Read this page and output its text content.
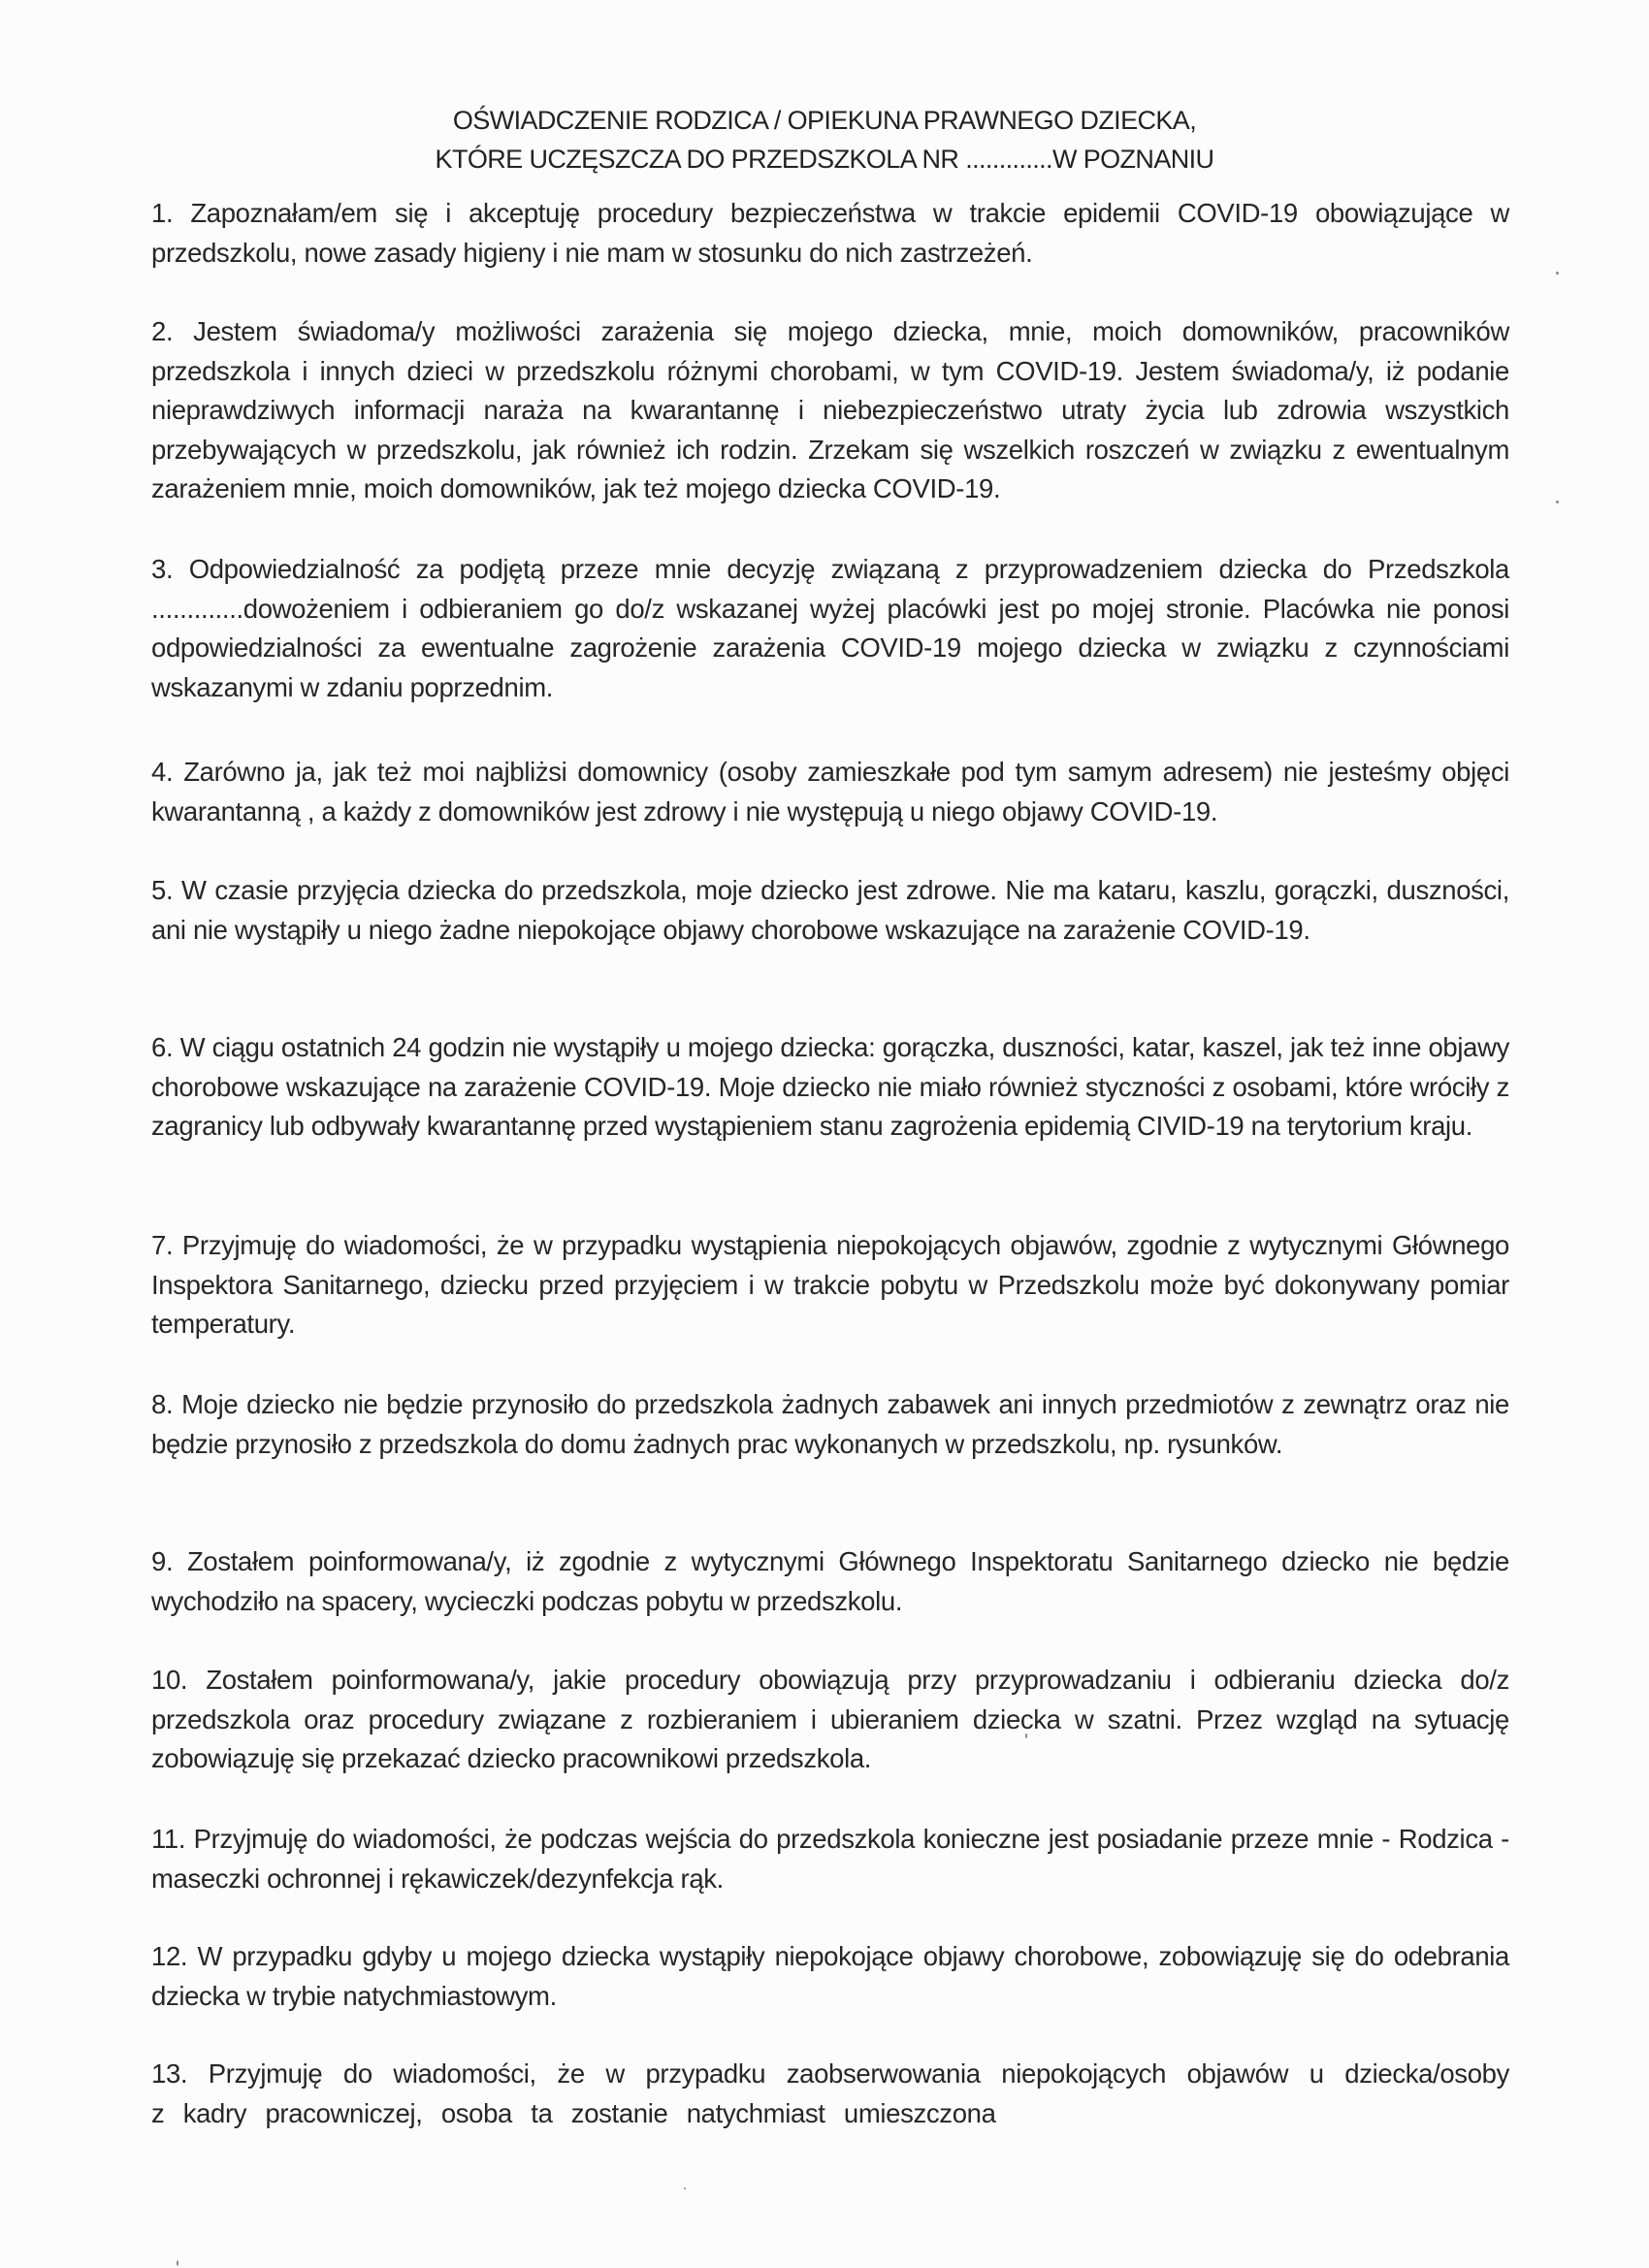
OŚWIADCZENIE RODZICA / OPIEKUNA PRAWNEGO DZIECKA,
KTÓRE UCZĘSZCZA DO PRZEDSZKOLA NR .............W POZNANIU

1. Zapoznałam/em się i akceptuję procedury bezpieczeństwa w trakcie epidemii COVID-19 obowiązujące w przedszkolu, nowe zasady higieny i nie mam w stosunku do nich zastrzeżeń.

2. Jestem świadoma/y możliwości zarażenia się mojego dziecka, mnie, moich domowników, pracowników przedszkola i innych dzieci w przedszkolu różnymi chorobami, w tym COVID-19. Jestem świadoma/y, iż podanie nieprawdziwych informacji naraża na kwarantannę i niebezpieczeństwo utraty życia lub zdrowia wszystkich przebywających w przedszkolu, jak również ich rodzin. Zrzekam się wszelkich roszczeń w związku z ewentualnym zarażeniem mnie, moich domowników, jak też mojego dziecka COVID-19.

3. Odpowiedzialność za podjętą przeze mnie decyzję związaną z przyprowadzeniem dziecka do Przedszkola .............dowożeniem i odbieraniem go do/z wskazanej wyżej placówki jest po mojej stronie. Placówka nie ponosi odpowiedzialności za ewentualne zagrożenie zarażenia COVID-19 mojego dziecka w związku z czynnościami wskazanymi w zdaniu poprzednim.

4. Zarówno ja, jak też moi najbliżsi domownicy (osoby zamieszkałe pod tym samym adresem) nie jesteśmy objęci kwarantanną , a każdy z domowników jest zdrowy i nie występują u niego objawy COVID-19.

5. W czasie przyjęcia dziecka do przedszkola, moje dziecko jest zdrowe. Nie ma kataru, kaszlu, gorączki, duszności, ani nie wystąpiły u niego żadne niepokojące objawy chorobowe wskazujące na zarażenie COVID-19.

6. W ciągu ostatnich 24 godzin nie wystąpiły u mojego dziecka: gorączka, duszności, katar, kaszel, jak też inne objawy chorobowe wskazujące na zarażenie COVID-19. Moje dziecko nie miało również styczności z osobami, które wróciły z zagranicy lub odbywały kwarantannę przed wystąpieniem stanu zagrożenia epidemią CIVID-19 na terytorium kraju.

7. Przyjmuję do wiadomości, że w przypadku wystąpienia niepokojących objawów, zgodnie z wytycznymi Głównego Inspektora Sanitarnego, dziecku przed przyjęciem i w trakcie pobytu w Przedszkolu może być dokonywany pomiar temperatury.

8. Moje dziecko nie będzie przynosiło do przedszkola żadnych zabawek ani innych przedmiotów z zewnątrz oraz nie będzie przynosiło z przedszkola do domu żadnych prac wykonanych w przedszkolu, np. rysunków.

9. Zostałem poinformowana/y, iż zgodnie z wytycznymi Głównego Inspektoratu Sanitarnego dziecko nie będzie wychodziło na spacery, wycieczki podczas pobytu w przedszkolu.

10. Zostałem poinformowana/y, jakie procedury obowiązują przy przyprowadzaniu i odbieraniu dziecka do/z przedszkola oraz procedury związane z rozbieraniem i ubieraniem dziecka w szatni. Przez wzgląd na sytuację zobowiązuję się przekazać dziecko pracownikowi przedszkola.

11. Przyjmuję do wiadomości, że podczas wejścia do przedszkola konieczne jest posiadanie przeze mnie - Rodzica - maseczki ochronnej i rękawiczek/dezynfekcja rąk.

12. W przypadku gdyby u mojego dziecka wystąpiły niepokojące objawy chorobowe, zobowiązuję się do odebrania dziecka w trybie natychmiastowym.

13. Przyjmuję do wiadomości, że w przypadku zaobserwowania niepokojących objawów u dziecka/osoby z kadry pracowniczej, osoba ta zostanie natychmiast umieszczona
